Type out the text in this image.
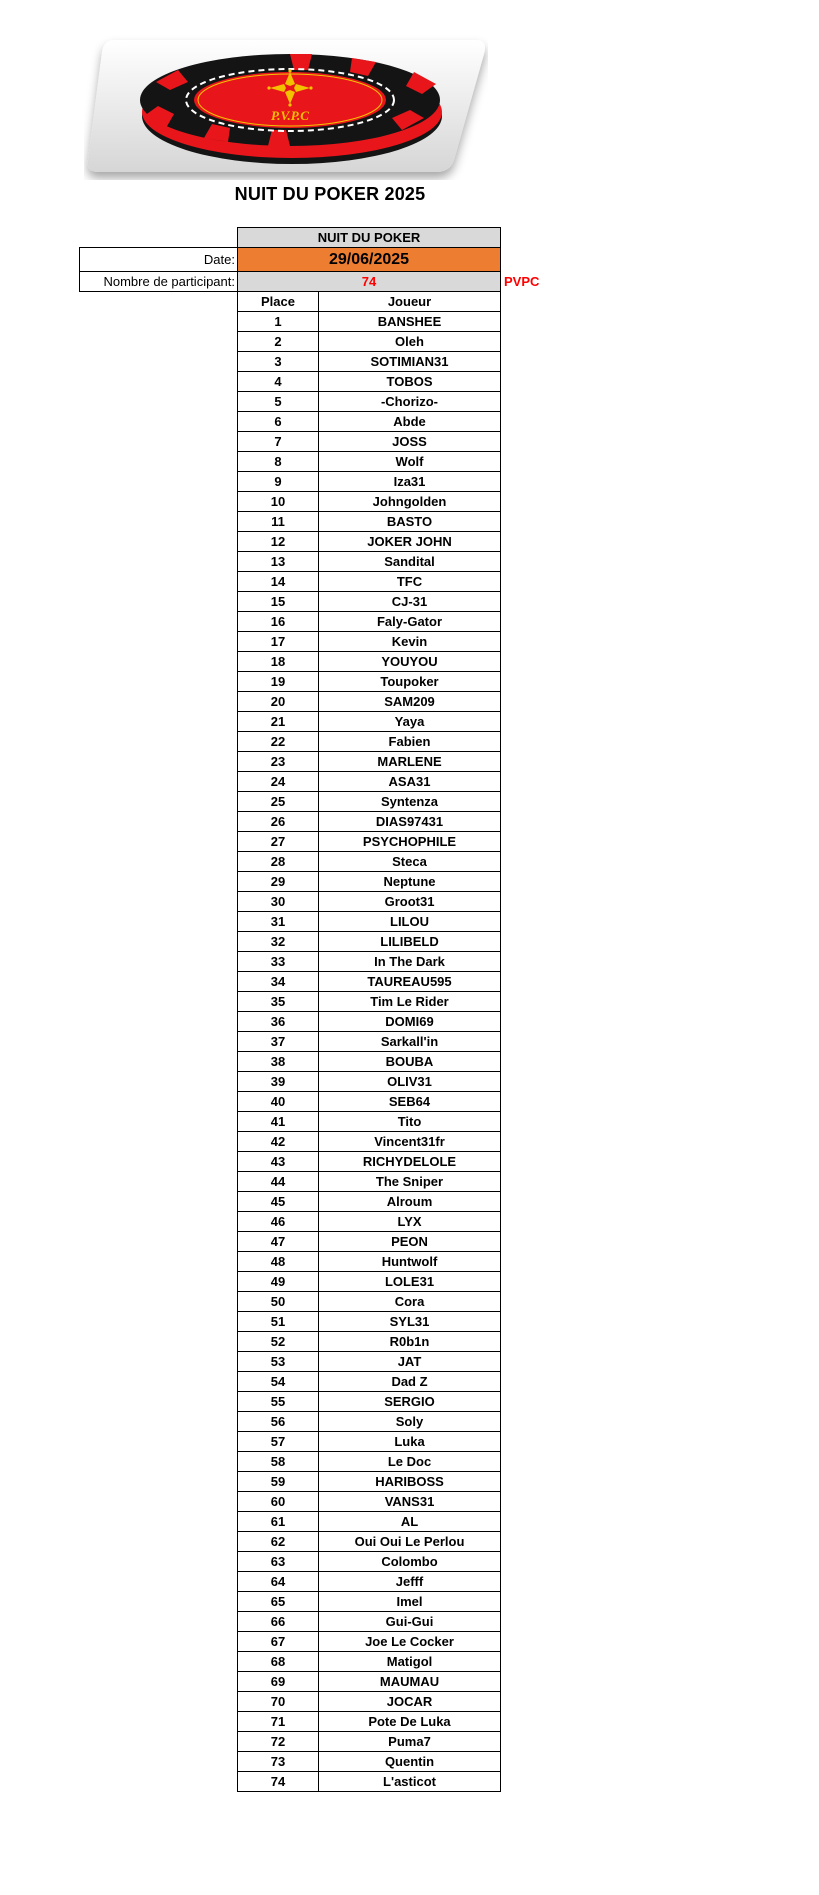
P.V.P.C
NUIT DU POKER 2025
	NUIT DU POKER		
Date:	29/06/2025		
Nombre de participant:	74		PVPC
	Place	Joueur	
	1	BANSHEE	
	2	Oleh	
	3	SOTIMIAN31	
	4	TOBOS	
	5	-Chorizo-	
	6	Abde	
	7	JOSS	
	8	Wolf	
	9	Iza31	
	10	Johngolden	
	11	BASTO	
	12	JOKER JOHN	
	13	Sandital	
	14	TFC	
	15	CJ-31	
	16	Faly-Gator	
	17	Kevin	
	18	YOUYOU	
	19	Toupoker	
	20	SAM209	
	21	Yaya	
	22	Fabien	
	23	MARLENE	
	24	ASA31	
	25	Syntenza	
	26	DIAS97431	
	27	PSYCHOPHILE	
	28	Steca	
	29	Neptune	
	30	Groot31	
	31	LILOU	
	32	LILIBELD	
	33	In The Dark	
	34	TAUREAU595	
	35	Tim Le Rider	
	36	DOMI69	
	37	Sarkall'in	
	38	BOUBA	
	39	OLIV31	
	40	SEB64	
	41	Tito	
	42	Vincent31fr	
	43	RICHYDELOLE	
	44	The Sniper	
	45	Alroum	
	46	LYX	
	47	PEON	
	48	Huntwolf	
	49	LOLE31	
	50	Cora	
	51	SYL31	
	52	R0b1n	
	53	JAT	
	54	Dad Z	
	55	SERGIO	
	56	Soly	
	57	Luka	
	58	Le Doc	
	59	HARIBOSS	
	60	VANS31	
	61	AL	
	62	Oui Oui Le Perlou	
	63	Colombo	
	64	Jefff	
	65	Imel	
	66	Gui-Gui	
	67	Joe Le Cocker	
	68	Matigol	
	69	MAUMAU	
	70	JOCAR	
	71	Pote De Luka	
	72	Puma7	
	73	Quentin	
	74	L'asticot	
